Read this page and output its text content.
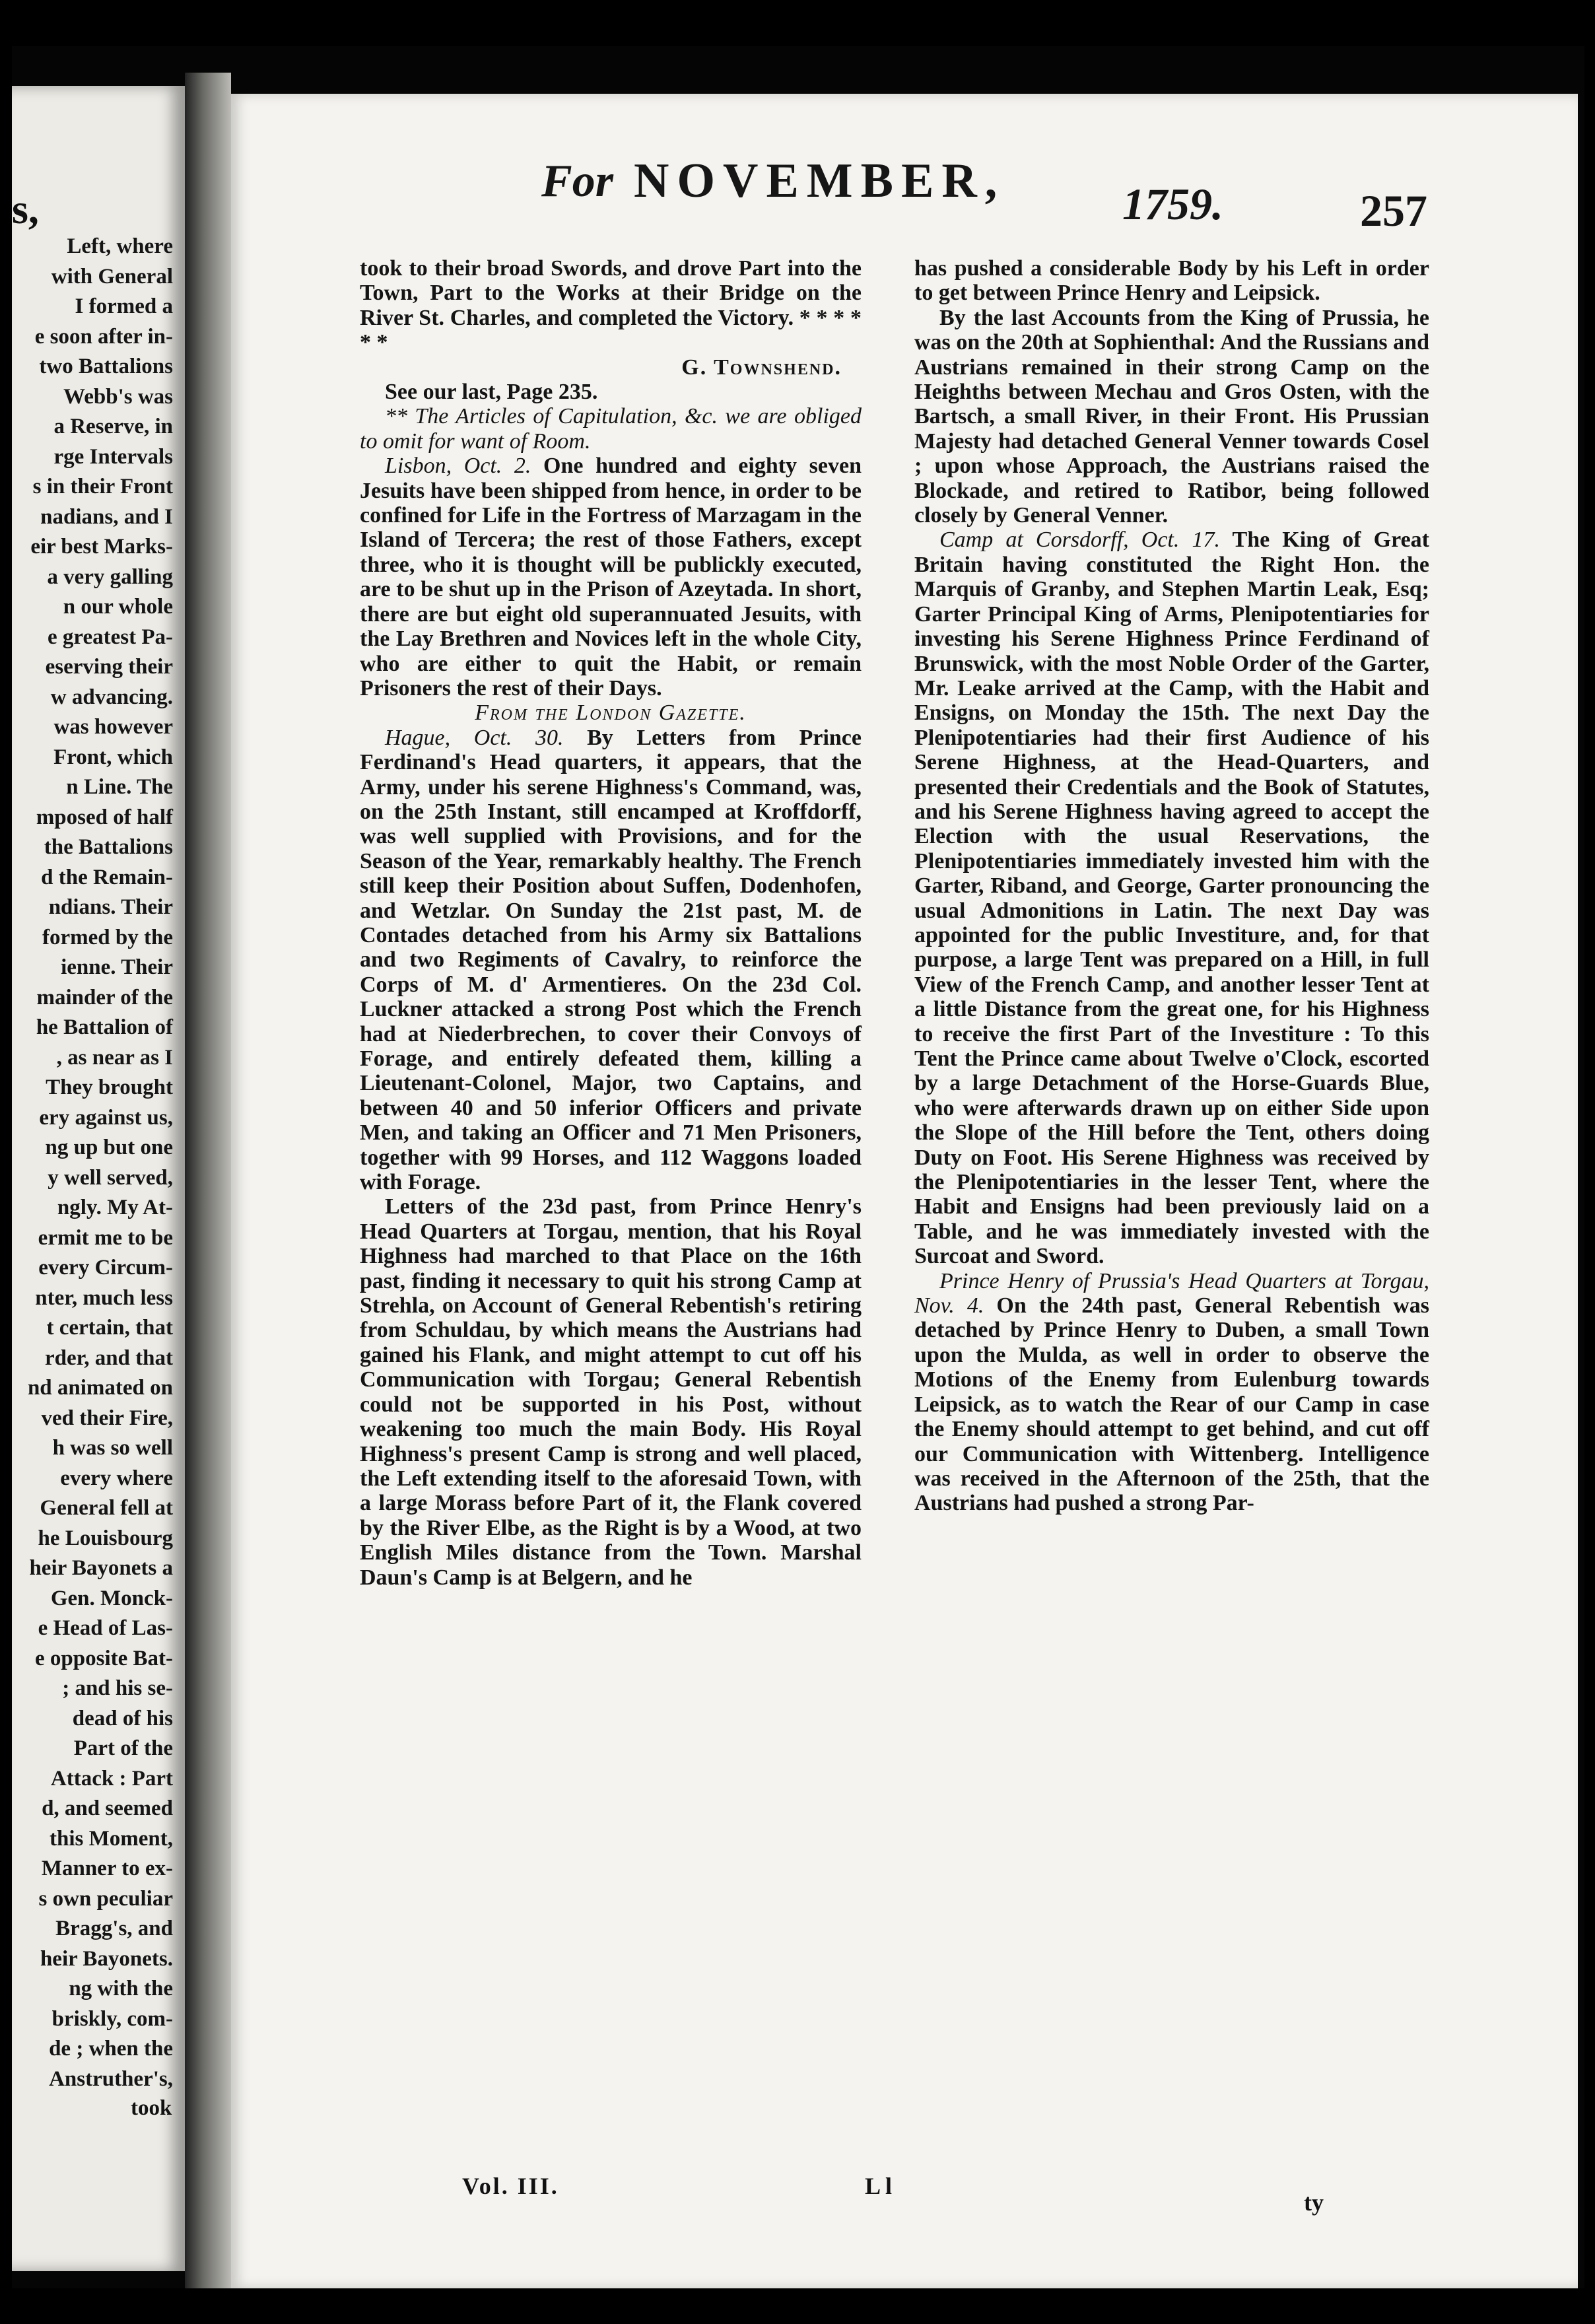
s,
Left, where
with General
I formed a
e soon after in-
two Battalions
Webb's was
a Reserve, in
rge Intervals
s in their Front
nadians, and I
eir best Marks-
a very galling
n our whole
e greatest Pa-
eserving their
w advancing.
was however
Front, which
n Line. The
mposed of half
the Battalions
d the Remain-
ndians. Their
formed by the
ienne. Their
mainder of the
he Battalion of
, as near as I
They brought
ery against us,
ng up but one
y well served,
ngly. My At-
ermit me to be
every Circum-
nter, much less
t certain, that
rder, and that
nd animated on
ved their Fire,
h was so well
every where
General fell at
he Louisbourg
heir Bayonets a
Gen. Monck-
e Head of Las-
e opposite Bat-
; and his se-
dead of his
Part of the
Attack : Part
d, and seemed
this Moment,
Manner to ex-
s own peculiar
Bragg's, and
heir Bayonets.
ng with the
briskly, com-
de ; when the
Anstruther's,
took
For NOVEMBER,	1759.	257

took to their broad Swords, and drove Part into the Town, Part to the Works at their Bridge on the River St. Charles, and completed the Victory. * * * * * *

G. Townshend.

See our last, Page 235.

** The Articles of Capitulation, &c. we are obliged to omit for want of Room.

Lisbon, Oct. 2. One hundred and eighty seven Jesuits have been shipped from hence, in order to be confined for Life in the Fortress of Marzagam in the Island of Tercera; the rest of those Fathers, except three, who it is thought will be publickly executed, are to be shut up in the Prison of Azeytada. In short, there are but eight old superannuated Jesuits, with the Lay Brethren and Novices left in the whole City, who are either to quit the Habit, or remain Prisoners the rest of their Days.

From the London Gazette.

Hague, Oct. 30. By Letters from Prince Ferdinand's Head quarters, it appears, that the Army, under his serene Highness's Command, was, on the 25th Instant, still encamped at Kroffdorff, was well supplied with Provisions, and for the Season of the Year, remarkably healthy. The French still keep their Position about Suffen, Dodenhofen, and Wetzlar. On Sunday the 21st past, M. de Contades detached from his Army six Battalions and two Regiments of Cavalry, to reinforce the Corps of M. d' Armentieres. On the 23d Col. Luckner attacked a strong Post which the French had at Niederbrechen, to cover their Convoys of Forage, and entirely defeated them, killing a Lieutenant-Colonel, Major, two Captains, and between 40 and 50 inferior Officers and private Men, and taking an Officer and 71 Men Prisoners, together with 99 Horses, and 112 Waggons loaded with Forage.

Letters of the 23d past, from Prince Henry's Head Quarters at Torgau, mention, that his Royal Highness had marched to that Place on the 16th past, finding it necessary to quit his strong Camp at Strehla, on Account of General Rebentish's retiring from Schuldau, by which means the Austrians had gained his Flank, and might attempt to cut off his Communication with Torgau; General Rebentish could not be supported in his Post, without weakening too much the main Body. His Royal Highness's present Camp is strong and well placed, the Left extending itself to the aforesaid Town, with a large Morass before Part of it, the Flank covered by the River Elbe, as the Right is by a Wood, at two English Miles distance from the Town. Marshal Daun's Camp is at Belgern, and he

has pushed a considerable Body by his Left in order to get between Prince Henry and Leipsick.

By the last Accounts from the King of Prussia, he was on the 20th at Sophienthal: And the Russians and Austrians remained in their strong Camp on the Heighths between Mechau and Gros Osten, with the Bartsch, a small River, in their Front. His Prussian Majesty had detached General Venner towards Cosel ; upon whose Approach, the Austrians raised the Blockade, and retired to Ratibor, being followed closely by General Venner.

Camp at Corsdorff, Oct. 17. The King of Great Britain having constituted the Right Hon. the Marquis of Granby, and Stephen Martin Leak, Esq; Garter Principal King of Arms, Plenipotentiaries for investing his Serene Highness Prince Ferdinand of Brunswick, with the most Noble Order of the Garter, Mr. Leake arrived at the Camp, with the Habit and Ensigns, on Monday the 15th. The next Day the Plenipotentiaries had their first Audience of his Serene Highness, at the Head-Quarters, and presented their Credentials and the Book of Statutes, and his Serene Highness having agreed to accept the Election with the usual Reservations, the Plenipotentiaries immediately invested him with the Garter, Riband, and George, Garter pronouncing the usual Admonitions in Latin. The next Day was appointed for the public Investiture, and, for that purpose, a large Tent was prepared on a Hill, in full View of the French Camp, and another lesser Tent at a little Distance from the great one, for his Highness to receive the first Part of the Investiture : To this Tent the Prince came about Twelve o'Clock, escorted by a large Detachment of the Horse-Guards Blue, who were afterwards drawn up on either Side upon the Slope of the Hill before the Tent, others doing Duty on Foot. His Serene Highness was received by the Plenipotentiaries in the lesser Tent, where the Habit and Ensigns had been previously laid on a Table, and he was immediately invested with the Surcoat and Sword.

Prince Henry of Prussia's Head Quarters at Torgau, Nov. 4. On the 24th past, General Rebentish was detached by Prince Henry to Duben, a small Town upon the Mulda, as well in order to observe the Motions of the Enemy from Eulenburg towards Leipsick, as to watch the Rear of our Camp in case the Enemy should attempt to get behind, and cut off our Communication with Wittenberg. Intelligence was received in the Afternoon of the 25th, that the Austrians had pushed a strong Par-

Vol. III.	L l
ty
